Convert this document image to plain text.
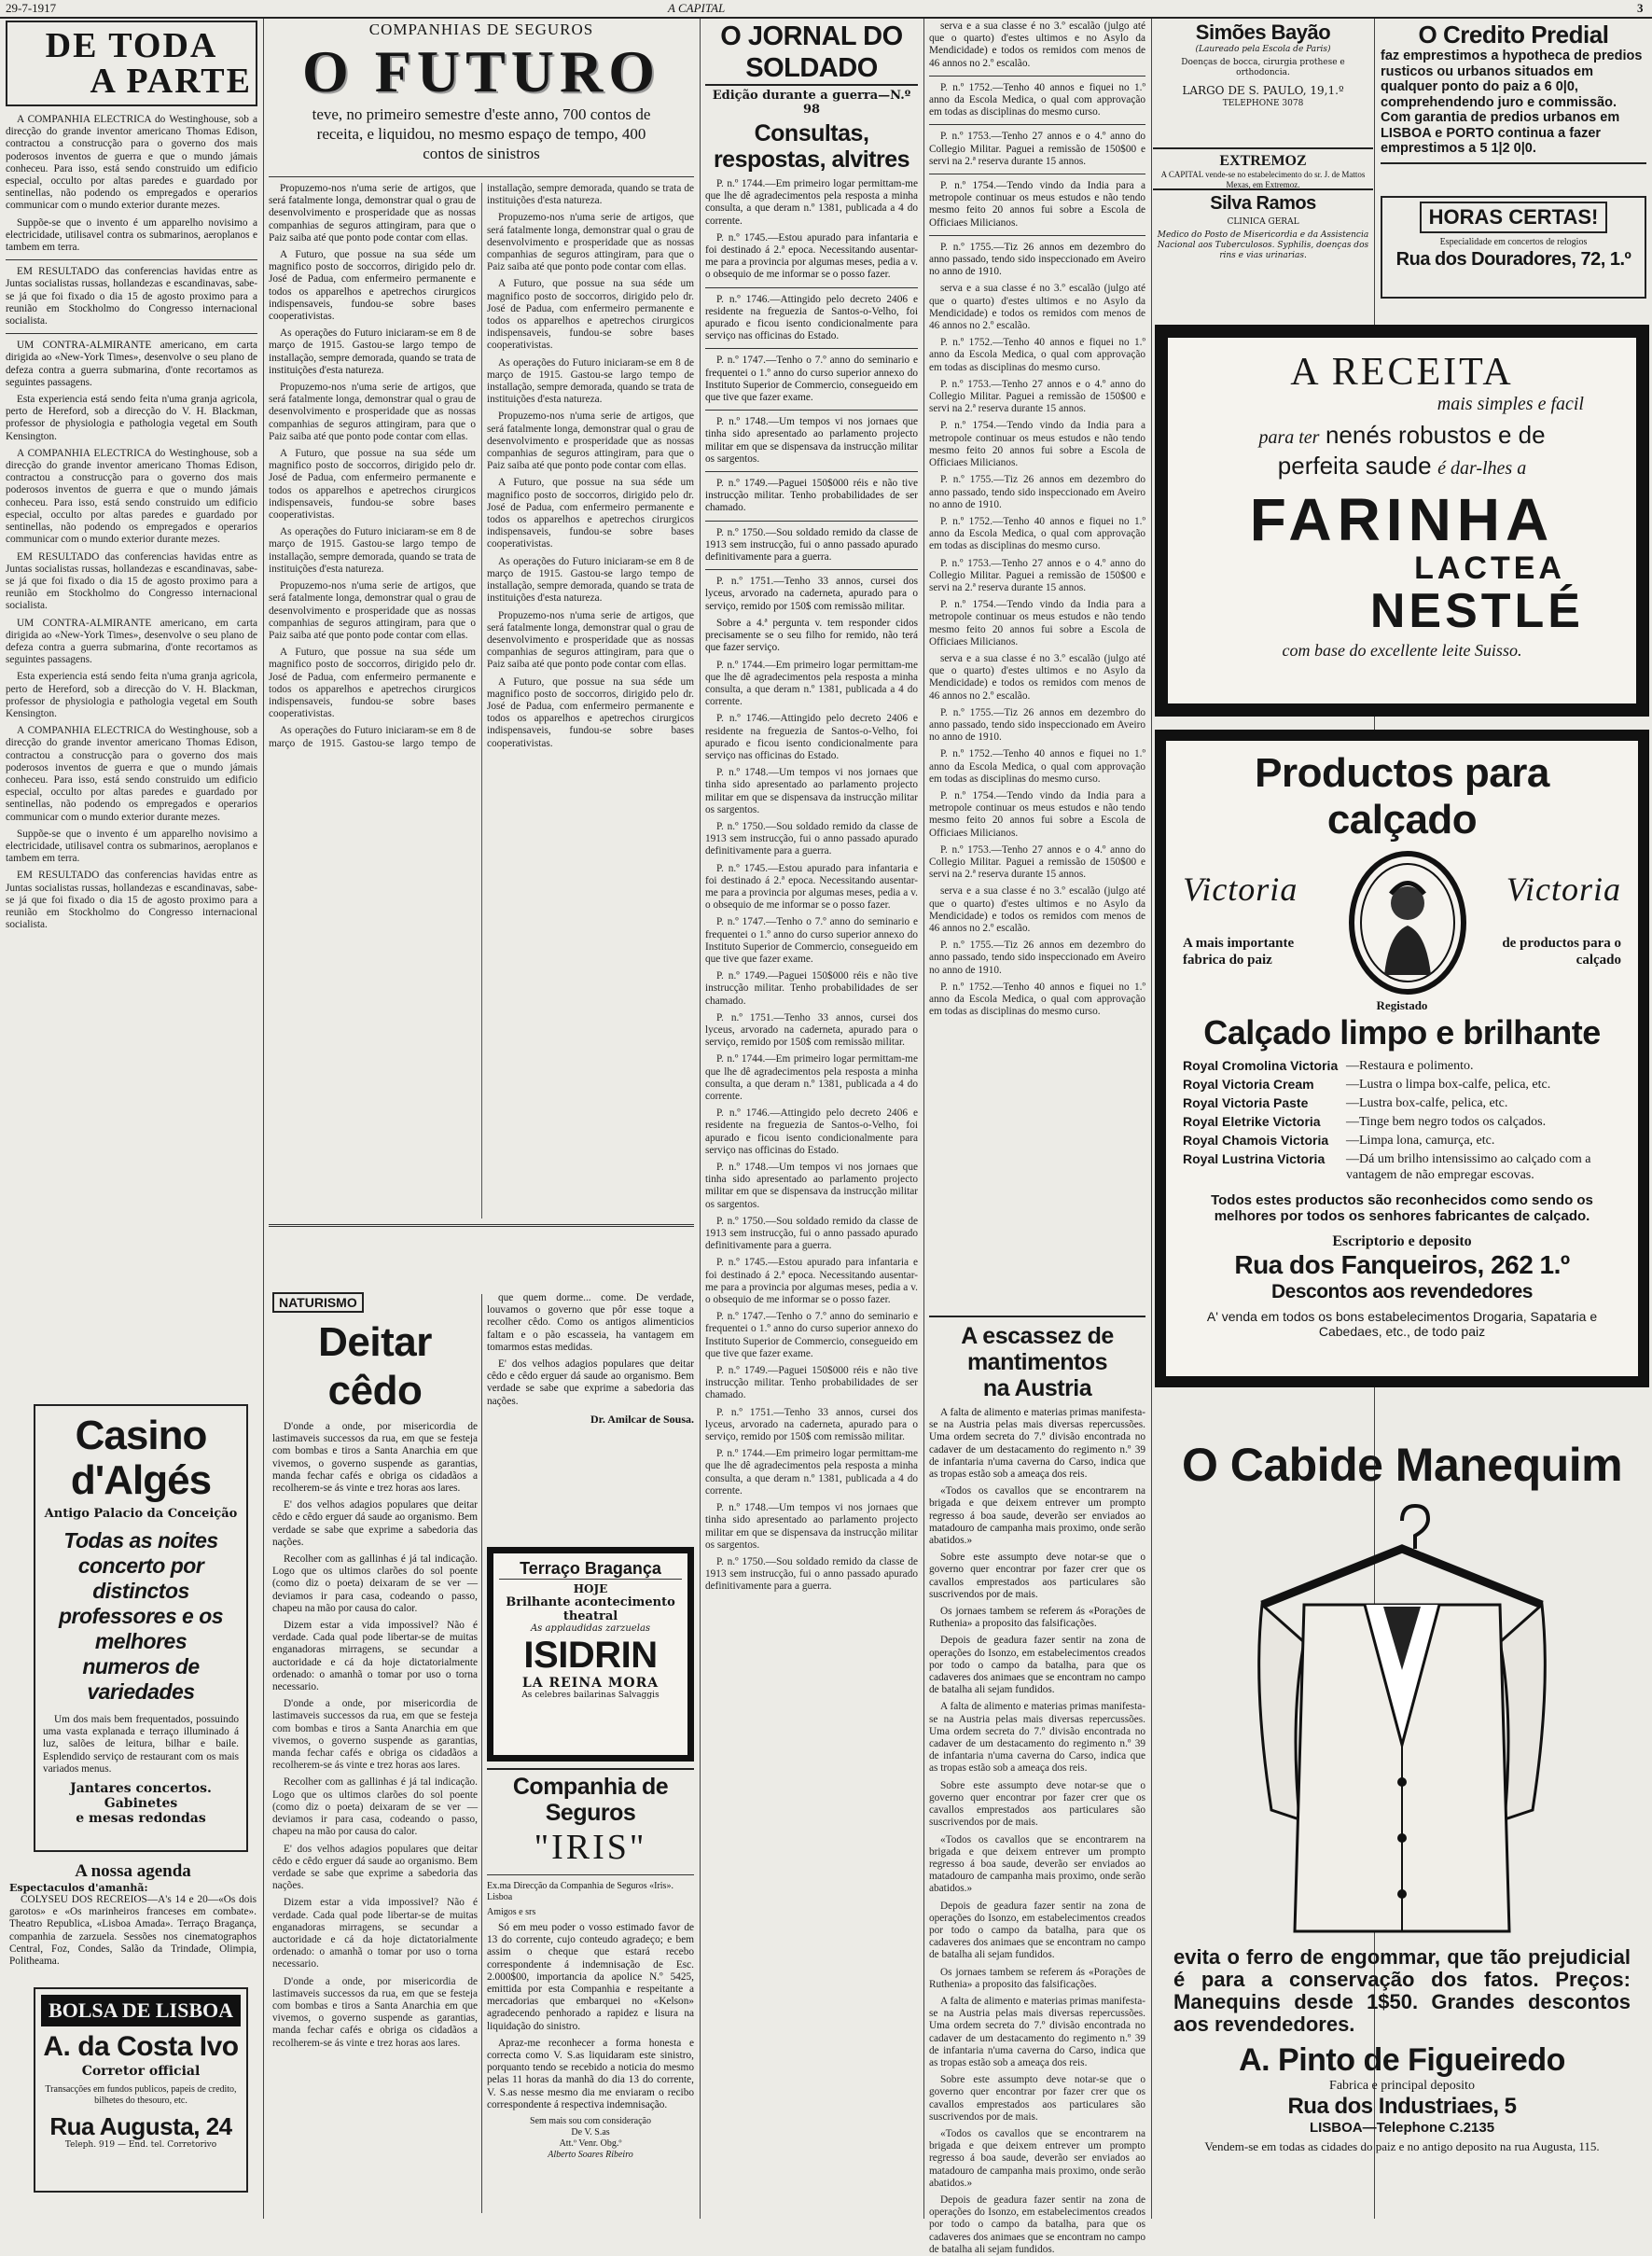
29-7-1917	A CAPITAL	3
DE TODA
A PARTE

A COMPANHIA ELECTRICA do Westinghouse, sob a direcção do grande inventor americano Thomas Edison, contractou a construcção para o governo dos mais poderosos inventos de guerra e que o mundo jámais conheceu. Para isso, está sendo construido um edificio especial, occulto por altas paredes e guardado por sentinellas, não podendo os empregados e operarios communicar com o mundo exterior durante mezes.

Suppõe-se que o invento é um apparelho novisimo a electricidade, utilisavel contra os submarinos, aeroplanos e tambem em terra.

EM RESULTADO das conferencias havidas entre as Juntas socialistas russas, hollandezas e escandinavas, sabe-se já que foi fixado o dia 15 de agosto proximo para a reunião em Stockholmo do Congresso internacional socialista.

UM CONTRA-ALMIRANTE americano, em carta dirigida ao «New-York Times», desenvolve o seu plano de defeza contra a guerra submarina, d'onte recortamos as seguintes passagens.

Esta experiencia está sendo feita n'uma granja agricola, perto de Hereford, sob a direcção do V. H. Blackman, professor de physiologia e pathologia vegetal em South Kensington.

A COMPANHIA ELECTRICA do Westinghouse, sob a direcção do grande inventor americano Thomas Edison, contractou a construcção para o governo dos mais poderosos inventos de guerra e que o mundo jámais conheceu. Para isso, está sendo construido um edificio especial, occulto por altas paredes e guardado por sentinellas, não podendo os empregados e operarios communicar com o mundo exterior durante mezes.

EM RESULTADO das conferencias havidas entre as Juntas socialistas russas, hollandezas e escandinavas, sabe-se já que foi fixado o dia 15 de agosto proximo para a reunião em Stockholmo do Congresso internacional socialista.

UM CONTRA-ALMIRANTE americano, em carta dirigida ao «New-York Times», desenvolve o seu plano de defeza contra a guerra submarina, d'onte recortamos as seguintes passagens.

Esta experiencia está sendo feita n'uma granja agricola, perto de Hereford, sob a direcção do V. H. Blackman, professor de physiologia e pathologia vegetal em South Kensington.

A COMPANHIA ELECTRICA do Westinghouse, sob a direcção do grande inventor americano Thomas Edison, contractou a construcção para o governo dos mais poderosos inventos de guerra e que o mundo jámais conheceu. Para isso, está sendo construido um edificio especial, occulto por altas paredes e guardado por sentinellas, não podendo os empregados e operarios communicar com o mundo exterior durante mezes.

Suppõe-se que o invento é um apparelho novisimo a electricidade, utilisavel contra os submarinos, aeroplanos e tambem em terra.

EM RESULTADO das conferencias havidas entre as Juntas socialistas russas, hollandezas e escandinavas, sabe-se já que foi fixado o dia 15 de agosto proximo para a reunião em Stockholmo do Congresso internacional socialista.

Casino d'Algés
Antigo Palacio da Conceição
Todas as noites
concerto por distinctos
professores e os melhores
numeros de variedades

Um dos mais bem frequentados, possuindo uma vasta explanada e terraço illuminado á luz, salões de leitura, bilhar e baile. Esplendido serviço de restaurant com os mais variados menus.

Jantares concertos. Gabinetes
e mesas redondas
A nossa agenda
Espectaculos d'amanhã:

COLYSEU DOS RECREIOS—A's 14 e 20—«Os dois garotos» e «Os marinheiros franceses em combate». Theatro Republica, «Lisboa Amada». Terraço Bragança, companhia de zarzuela. Sessões nos cinematographos Central, Foz, Condes, Salão da Trindade, Olimpia, Politheama.

BOLSA DE LISBOA
A. da Costa Ivo
Corretor official
Transacções em fundos publicos, papeis de credito, bilhetes do thesouro, etc.
Rua Augusta, 24
Teleph. 919 — End. tel. Corretorivo
COMPANHIAS DE SEGUROS
O FUTURO
teve, no primeiro semestre d'este anno, 700 contos de receita, e liquidou, no mesmo espaço de tempo, 400 contos de sinistros

Propuzemo-nos n'uma serie de artigos, que será fatalmente longa, demonstrar qual o grau de desenvolvimento e prosperidade que as nossas companhias de seguros attingiram, para que o Paiz saiba até que ponto pode contar com ellas.

A Futuro, que possue na sua séde um magnifico posto de soccorros, dirigido pelo dr. José de Padua, com enfermeiro permanente e todos os apparelhos e apetrechos cirurgicos indispensaveis, fundou-se sobre bases cooperativistas.

As operações do Futuro iniciaram-se em 8 de março de 1915. Gastou-se largo tempo de installação, sempre demorada, quando se trata de instituições d'esta natureza.

Propuzemo-nos n'uma serie de artigos, que será fatalmente longa, demonstrar qual o grau de desenvolvimento e prosperidade que as nossas companhias de seguros attingiram, para que o Paiz saiba até que ponto pode contar com ellas.

A Futuro, que possue na sua séde um magnifico posto de soccorros, dirigido pelo dr. José de Padua, com enfermeiro permanente e todos os apparelhos e apetrechos cirurgicos indispensaveis, fundou-se sobre bases cooperativistas.

As operações do Futuro iniciaram-se em 8 de março de 1915. Gastou-se largo tempo de installação, sempre demorada, quando se trata de instituições d'esta natureza.

Propuzemo-nos n'uma serie de artigos, que será fatalmente longa, demonstrar qual o grau de desenvolvimento e prosperidade que as nossas companhias de seguros attingiram, para que o Paiz saiba até que ponto pode contar com ellas.

A Futuro, que possue na sua séde um magnifico posto de soccorros, dirigido pelo dr. José de Padua, com enfermeiro permanente e todos os apparelhos e apetrechos cirurgicos indispensaveis, fundou-se sobre bases cooperativistas.

As operações do Futuro iniciaram-se em 8 de março de 1915. Gastou-se largo tempo de installação, sempre demorada, quando se trata de instituições d'esta natureza.

Propuzemo-nos n'uma serie de artigos, que será fatalmente longa, demonstrar qual o grau de desenvolvimento e prosperidade que as nossas companhias de seguros attingiram, para que o Paiz saiba até que ponto pode contar com ellas.

A Futuro, que possue na sua séde um magnifico posto de soccorros, dirigido pelo dr. José de Padua, com enfermeiro permanente e todos os apparelhos e apetrechos cirurgicos indispensaveis, fundou-se sobre bases cooperativistas.

As operações do Futuro iniciaram-se em 8 de março de 1915. Gastou-se largo tempo de installação, sempre demorada, quando se trata de instituições d'esta natureza.

Propuzemo-nos n'uma serie de artigos, que será fatalmente longa, demonstrar qual o grau de desenvolvimento e prosperidade que as nossas companhias de seguros attingiram, para que o Paiz saiba até que ponto pode contar com ellas.

A Futuro, que possue na sua séde um magnifico posto de soccorros, dirigido pelo dr. José de Padua, com enfermeiro permanente e todos os apparelhos e apetrechos cirurgicos indispensaveis, fundou-se sobre bases cooperativistas.

As operações do Futuro iniciaram-se em 8 de março de 1915. Gastou-se largo tempo de installação, sempre demorada, quando se trata de instituições d'esta natureza.

Propuzemo-nos n'uma serie de artigos, que será fatalmente longa, demonstrar qual o grau de desenvolvimento e prosperidade que as nossas companhias de seguros attingiram, para que o Paiz saiba até que ponto pode contar com ellas.

A Futuro, que possue na sua séde um magnifico posto de soccorros, dirigido pelo dr. José de Padua, com enfermeiro permanente e todos os apparelhos e apetrechos cirurgicos indispensaveis, fundou-se sobre bases cooperativistas.

NATURISMO
Deitar cêdo

D'onde a onde, por misericordia de lastimaveis successos da rua, em que se festeja com bombas e tiros a Santa Anarchia em que vivemos, o governo suspende as garantias, manda fechar cafés e obriga os cidadãos a recolherem-se ás vinte e trez horas aos lares.

E' dos velhos adagios populares que deitar cêdo e cêdo erguer dá saude ao organismo. Bem verdade se sabe que exprime a sabedoria das nações.

Recolher com as gallinhas é já tal indicação. Logo que os ultimos clarões do sol poente (como diz o poeta) deixaram de se ver — deviamos ir para casa, codeando o passo, chapeu na mão por causa do calor.

Dizem estar a vida impossivel? Não é verdade. Cada qual pode libertar-se de muitas enganadoras mirragens, se secundar a auctoridade e cá da hoje dictatorialmente ordenado: o amanhã o tomar por uso o torna necessario.

D'onde a onde, por misericordia de lastimaveis successos da rua, em que se festeja com bombas e tiros a Santa Anarchia em que vivemos, o governo suspende as garantias, manda fechar cafés e obriga os cidadãos a recolherem-se ás vinte e trez horas aos lares.

Recolher com as gallinhas é já tal indicação. Logo que os ultimos clarões do sol poente (como diz o poeta) deixaram de se ver — deviamos ir para casa, codeando o passo, chapeu na mão por causa do calor.

E' dos velhos adagios populares que deitar cêdo e cêdo erguer dá saude ao organismo. Bem verdade se sabe que exprime a sabedoria das nações.

Dizem estar a vida impossivel? Não é verdade. Cada qual pode libertar-se de muitas enganadoras mirragens, se secundar a auctoridade e cá da hoje dictatorialmente ordenado: o amanhã o tomar por uso o torna necessario.

D'onde a onde, por misericordia de lastimaveis successos da rua, em que se festeja com bombas e tiros a Santa Anarchia em que vivemos, o governo suspende as garantias, manda fechar cafés e obriga os cidadãos a recolherem-se ás vinte e trez horas aos lares.

que quem dorme... come. De verdade, louvamos o governo que pôr esse toque a recolher cêdo. Como os antigos alimenticios faltam e o pão escasseia, ha vantagem em tomarmos estas medidas.

E' dos velhos adagios populares que deitar cêdo e cêdo erguer dá saude ao organismo. Bem verdade se sabe que exprime a sabedoria das nações.

Dr. Amilcar de Sousa.
Terraço Bragança
HOJE
Brilhante acontecimento
theatral
As applaudidas zarzuelas
ISIDRIN
LA REINA MORA
As celebres bailarinas Salvaggis
Companhia de Seguros
"IRIS"
Ex.ma Direcção da Companhia de Seguros «Iris». Lisboa
Amigos e srs

Só em meu poder o vosso estimado favor de 13 do corrente, cujo conteudo agradeço; e bem assim o cheque que estará recebo correspondente á indemnisação de Esc. 2.000$00, importancia da apolice N.º 5425, emittida por esta Companhia e respeitante a mercadorias que embarquei no «Kelson» agradecendo penhorado a rapidez e lisura na liquidação do sinistro.

Apraz-me reconhecer a forma honesta e correcta como V. S.as liquidaram este sinistro, porquanto tendo se recebido a noticia do mesmo pelas 11 horas da manhã do dia 13 do corrente, V. S.as nesse mesmo dia me enviaram o recibo correspondente á respectiva indemnisação.

Sem mais sou com consideração
De V. S.as
Att.º Venr. Obg.º
Alberto Soares Ribeiro
O JORNAL DO SOLDADO
Edição durante a guerra—N.º 98
Consultas, respostas, alvitres

P. n.º 1744.—Em primeiro logar permittam-me que lhe dê agradecimentos pela resposta a minha consulta, a que deram n.º 1381, publicada a 4 do corrente.

P. n.º 1745.—Estou apurado para infantaria e foi destinado á 2.ª epoca. Necessitando ausentar-me para a provincia por algumas meses, pedia a v. o obsequio de me informar se o posso fazer.

P. n.º 1746.—Attingido pelo decreto 2406 e residente na freguezia de Santos-o-Velho, foi apurado e ficou isento condicionalmente para serviço nas officinas do Estado.

P. n.º 1747.—Tenho o 7.º anno do seminario e frequentei o 1.º anno do curso superior annexo do Instituto Superior de Commercio, consegueido em que tive que fazer exame.

P. n.º 1748.—Um tempos vi nos jornaes que tinha sido apresentado ao parlamento projecto militar em que se dispensava da instrucção militar os sargentos.

P. n.º 1749.—Paguei 150$000 réis e não tive instrucção militar. Tenho probabilidades de ser chamado.

P. n.º 1750.—Sou soldado remido da classe de 1913 sem instrucção, fui o anno passado apurado definitivamente para a guerra.

P. n.º 1751.—Tenho 33 annos, cursei dos lyceus, arvorado na caderneta, apurado para o serviço, remido por 150$ com remissão militar.

Sobre a 4.ª pergunta v. tem responder cidos precisamente se o seu filho for remido, não terá que fazer serviço.

P. n.º 1744.—Em primeiro logar permittam-me que lhe dê agradecimentos pela resposta a minha consulta, a que deram n.º 1381, publicada a 4 do corrente.

P. n.º 1746.—Attingido pelo decreto 2406 e residente na freguezia de Santos-o-Velho, foi apurado e ficou isento condicionalmente para serviço nas officinas do Estado.

P. n.º 1748.—Um tempos vi nos jornaes que tinha sido apresentado ao parlamento projecto militar em que se dispensava da instrucção militar os sargentos.

P. n.º 1750.—Sou soldado remido da classe de 1913 sem instrucção, fui o anno passado apurado definitivamente para a guerra.

P. n.º 1745.—Estou apurado para infantaria e foi destinado á 2.ª epoca. Necessitando ausentar-me para a provincia por algumas meses, pedia a v. o obsequio de me informar se o posso fazer.

P. n.º 1747.—Tenho o 7.º anno do seminario e frequentei o 1.º anno do curso superior annexo do Instituto Superior de Commercio, consegueido em que tive que fazer exame.

P. n.º 1749.—Paguei 150$000 réis e não tive instrucção militar. Tenho probabilidades de ser chamado.

P. n.º 1751.—Tenho 33 annos, cursei dos lyceus, arvorado na caderneta, apurado para o serviço, remido por 150$ com remissão militar.

P. n.º 1744.—Em primeiro logar permittam-me que lhe dê agradecimentos pela resposta a minha consulta, a que deram n.º 1381, publicada a 4 do corrente.

P. n.º 1746.—Attingido pelo decreto 2406 e residente na freguezia de Santos-o-Velho, foi apurado e ficou isento condicionalmente para serviço nas officinas do Estado.

P. n.º 1748.—Um tempos vi nos jornaes que tinha sido apresentado ao parlamento projecto militar em que se dispensava da instrucção militar os sargentos.

P. n.º 1750.—Sou soldado remido da classe de 1913 sem instrucção, fui o anno passado apurado definitivamente para a guerra.

P. n.º 1745.—Estou apurado para infantaria e foi destinado á 2.ª epoca. Necessitando ausentar-me para a provincia por algumas meses, pedia a v. o obsequio de me informar se o posso fazer.

P. n.º 1747.—Tenho o 7.º anno do seminario e frequentei o 1.º anno do curso superior annexo do Instituto Superior de Commercio, consegueido em que tive que fazer exame.

P. n.º 1749.—Paguei 150$000 réis e não tive instrucção militar. Tenho probabilidades de ser chamado.

P. n.º 1751.—Tenho 33 annos, cursei dos lyceus, arvorado na caderneta, apurado para o serviço, remido por 150$ com remissão militar.

P. n.º 1744.—Em primeiro logar permittam-me que lhe dê agradecimentos pela resposta a minha consulta, a que deram n.º 1381, publicada a 4 do corrente.

P. n.º 1748.—Um tempos vi nos jornaes que tinha sido apresentado ao parlamento projecto militar em que se dispensava da instrucção militar os sargentos.

P. n.º 1750.—Sou soldado remido da classe de 1913 sem instrucção, fui o anno passado apurado definitivamente para a guerra.

serva e a sua classe é no 3.º escalão (julgo até que o quarto) d'estes ultimos e no Asylo da Mendicidade) e todos os remidos com menos de 46 annos no 2.º escalão.

P. n.º 1752.—Tenho 40 annos e fiquei no 1.º anno da Escola Medica, o qual com approvação em todas as disciplinas do mesmo curso.

P. n.º 1753.—Tenho 27 annos e o 4.º anno do Collegio Militar. Paguei a remissão de 150$00 e servi na 2.ª reserva durante 15 annos.

P. n.º 1754.—Tendo vindo da India para a metropole continuar os meus estudos e não tendo mesmo feito 20 annos fui sobre a Escola de Officiaes Milicianos.

P. n.º 1755.—Tiz 26 annos em dezembro do anno passado, tendo sido inspeccionado em Aveiro no anno de 1910.

serva e a sua classe é no 3.º escalão (julgo até que o quarto) d'estes ultimos e no Asylo da Mendicidade) e todos os remidos com menos de 46 annos no 2.º escalão.

P. n.º 1752.—Tenho 40 annos e fiquei no 1.º anno da Escola Medica, o qual com approvação em todas as disciplinas do mesmo curso.

P. n.º 1753.—Tenho 27 annos e o 4.º anno do Collegio Militar. Paguei a remissão de 150$00 e servi na 2.ª reserva durante 15 annos.

P. n.º 1754.—Tendo vindo da India para a metropole continuar os meus estudos e não tendo mesmo feito 20 annos fui sobre a Escola de Officiaes Milicianos.

P. n.º 1755.—Tiz 26 annos em dezembro do anno passado, tendo sido inspeccionado em Aveiro no anno de 1910.

P. n.º 1752.—Tenho 40 annos e fiquei no 1.º anno da Escola Medica, o qual com approvação em todas as disciplinas do mesmo curso.

P. n.º 1753.—Tenho 27 annos e o 4.º anno do Collegio Militar. Paguei a remissão de 150$00 e servi na 2.ª reserva durante 15 annos.

P. n.º 1754.—Tendo vindo da India para a metropole continuar os meus estudos e não tendo mesmo feito 20 annos fui sobre a Escola de Officiaes Milicianos.

serva e a sua classe é no 3.º escalão (julgo até que o quarto) d'estes ultimos e no Asylo da Mendicidade) e todos os remidos com menos de 46 annos no 2.º escalão.

P. n.º 1755.—Tiz 26 annos em dezembro do anno passado, tendo sido inspeccionado em Aveiro no anno de 1910.

P. n.º 1752.—Tenho 40 annos e fiquei no 1.º anno da Escola Medica, o qual com approvação em todas as disciplinas do mesmo curso.

P. n.º 1754.—Tendo vindo da India para a metropole continuar os meus estudos e não tendo mesmo feito 20 annos fui sobre a Escola de Officiaes Milicianos.

P. n.º 1753.—Tenho 27 annos e o 4.º anno do Collegio Militar. Paguei a remissão de 150$00 e servi na 2.ª reserva durante 15 annos.

serva e a sua classe é no 3.º escalão (julgo até que o quarto) d'estes ultimos e no Asylo da Mendicidade) e todos os remidos com menos de 46 annos no 2.º escalão.

P. n.º 1755.—Tiz 26 annos em dezembro do anno passado, tendo sido inspeccionado em Aveiro no anno de 1910.

P. n.º 1752.—Tenho 40 annos e fiquei no 1.º anno da Escola Medica, o qual com approvação em todas as disciplinas do mesmo curso.

A escassez de mantimentos
na Austria

A falta de alimento e materias primas manifesta-se na Austria pelas mais diversas repercussões. Uma ordem secreta do 7.º divisão encontrada no cadaver de um destacamento do regimento n.º 39 de infantaria n'uma caverna do Carso, indica que as tropas estão sob a ameaça dos reis.

«Todos os cavallos que se encontrarem na brigada e que deixem entrever um prompto regresso á boa saude, deverão ser enviados ao matadouro de campanha mais proximo, onde serão abatidos.»

Sobre este assumpto deve notar-se que o governo quer encontrar por fazer crer que os cavallos emprestados aos particulares são suscrivendos por de mais.

Os jornaes tambem se referem ás «Porações de Ruthenia» a proposito das falsificações.

Depois de geadura fazer sentir na zona de operações do Isonzo, em estabelecimentos creados por todo o campo da batalha, para que os cadaveres dos animaes que se encontram no campo de batalha ali sejam fundidos.

A falta de alimento e materias primas manifesta-se na Austria pelas mais diversas repercussões. Uma ordem secreta do 7.º divisão encontrada no cadaver de um destacamento do regimento n.º 39 de infantaria n'uma caverna do Carso, indica que as tropas estão sob a ameaça dos reis.

Sobre este assumpto deve notar-se que o governo quer encontrar por fazer crer que os cavallos emprestados aos particulares são suscrivendos por de mais.

«Todos os cavallos que se encontrarem na brigada e que deixem entrever um prompto regresso á boa saude, deverão ser enviados ao matadouro de campanha mais proximo, onde serão abatidos.»

Depois de geadura fazer sentir na zona de operações do Isonzo, em estabelecimentos creados por todo o campo da batalha, para que os cadaveres dos animaes que se encontram no campo de batalha ali sejam fundidos.

Os jornaes tambem se referem ás «Porações de Ruthenia» a proposito das falsificações.

A falta de alimento e materias primas manifesta-se na Austria pelas mais diversas repercussões. Uma ordem secreta do 7.º divisão encontrada no cadaver de um destacamento do regimento n.º 39 de infantaria n'uma caverna do Carso, indica que as tropas estão sob a ameaça dos reis.

Sobre este assumpto deve notar-se que o governo quer encontrar por fazer crer que os cavallos emprestados aos particulares são suscrivendos por de mais.

«Todos os cavallos que se encontrarem na brigada e que deixem entrever um prompto regresso á boa saude, deverão ser enviados ao matadouro de campanha mais proximo, onde serão abatidos.»

Depois de geadura fazer sentir na zona de operações do Isonzo, em estabelecimentos creados por todo o campo da batalha, para que os cadaveres dos animaes que se encontram no campo de batalha ali sejam fundidos.

Simões Bayão
(Laureado pela Escola de Paris)
Doenças de bocca, cirurgia prothese e orthodoncia.
LARGO DE S. PAULO, 19,1.º
TELEPHONE 3078
EXTREMOZ
A CAPITAL vende-se no estabelecimento do sr. J. de Mattos Mexas, em Extremoz.
Silva Ramos
CLINICA GERAL
Medico do Posto de Misericordia e da Assistencia Nacional aos Tuberculosos. Syphilis, doenças dos rins e vias urinarias.
O Credito Predial
faz emprestimos a hypotheca de predios rusticos ou urbanos situados em qualquer ponto do paiz a 6 0|0, comprehendendo juro e commissão. Com garantia de predios urbanos em LISBOA e PORTO continua a fazer emprestimos a 5 1|2 0|0.
HORAS CERTAS!
Especialidade em concertos de relogios
Rua dos Douradores, 72, 1.º
A RECEITA
mais simples e facil
para ter nenés robustos e de
perfeita saude é dar-lhes a
FARINHA
LACTEA
NESTLÉ
com base do excellente leite Suisso.
Productos para calçado
Victoria	Victoria
A mais importante fabrica do paiz
de productos para o calçado
Registado
Calçado limpo e brilhante
Royal Cromolina Victoria —Restaura e polimento.
Royal Victoria Cream	—Lustra o limpa box-calfe, pelica, etc.
Royal Victoria Paste	—Lustra box-calfe, pelica, etc.
Royal Eletrike Victoria	—Tinge bem negro todos os calçados.
Royal Chamois Victoria	—Limpa lona, camurça, etc.
Royal Lustrina Victoria	—Dá um brilho intensissimo ao calçado com a vantagem de não empregar escovas.
Todos estes productos são reconhecidos como sendo os melhores por todos os senhores fabricantes de calçado.
Escriptorio e deposito
Rua dos Fanqueiros, 262 1.º
Descontos aos revendedores
A' venda em todos os bons estabelecimentos Drogaria, Sapataria e Cabedaes, etc., de todo paiz
O Cabide Manequim
evita o ferro de engommar, que tão prejudicial é para a conservação dos fatos. Preços: Manequins desde 1$50. Grandes descontos aos revendedores.
A. Pinto de Figueiredo
Fabrica e principal deposito
Rua dos Industriaes, 5
LISBOA—Telephone C.2135
Vendem-se em todas as cidades do paiz e no antigo deposito na rua Augusta, 115.
